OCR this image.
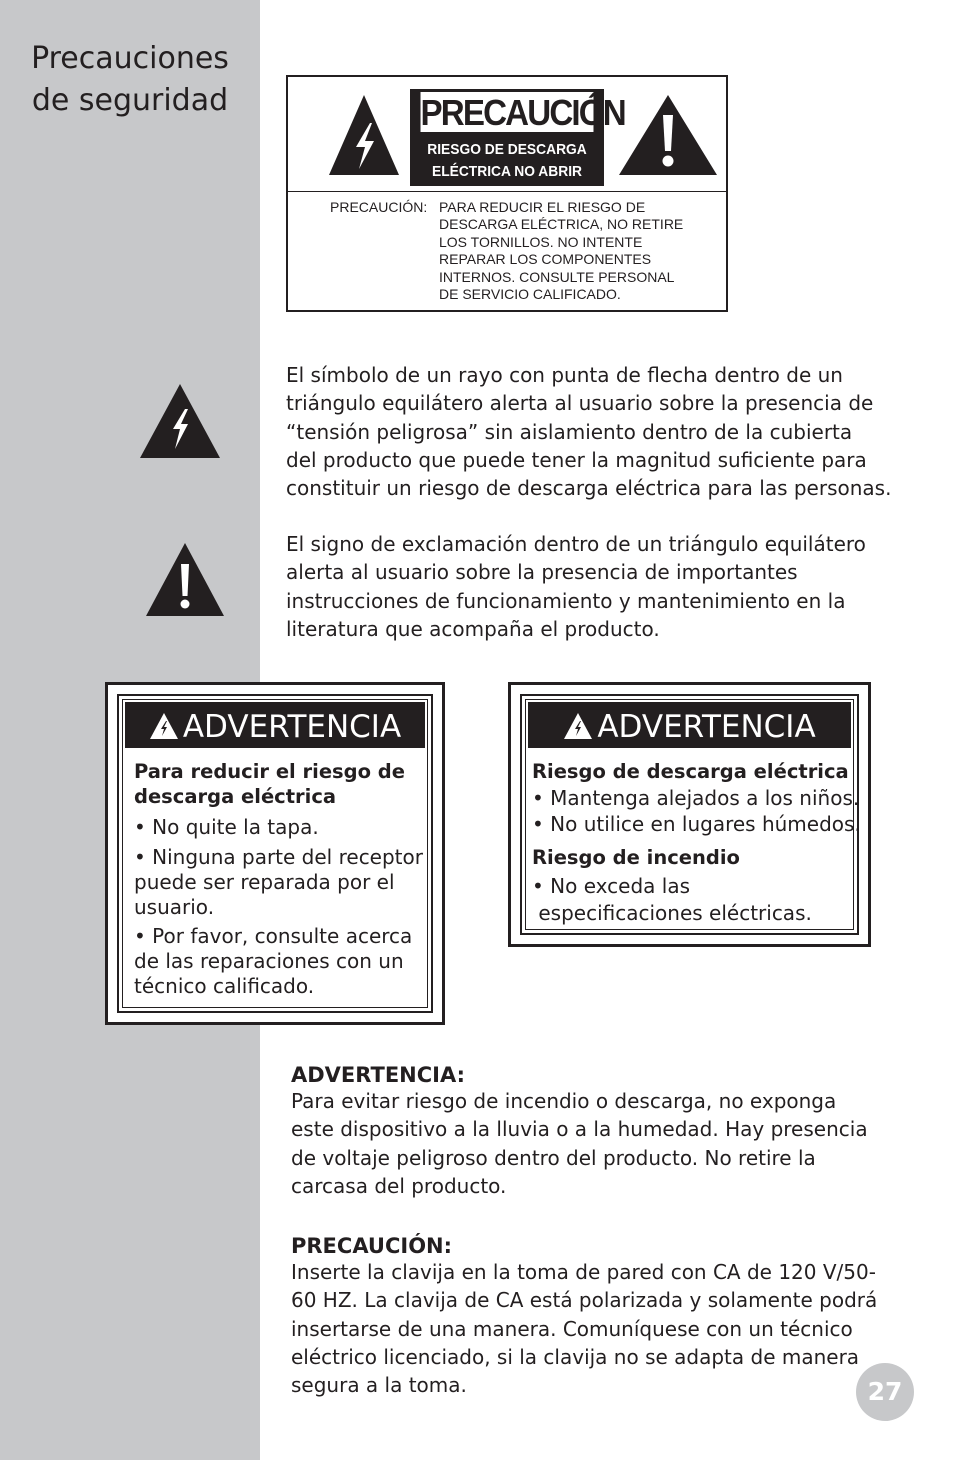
Precauciones
de seguridad	PRECAUCIÓN
RIESGO DE DESCARGA
ELÉCTRICA NO ABRIR
PRECAUCIÓN: PARA REDUCIR EL RIESGO DE
DESCARGA ELÉCTRICA, NO RETIRE
LOS TORNILLOS. NO INTENTE
REPARAR LOS COMPONENTES
INTERNOS. CONSULTE PERSONAL
DE SERVICIO CALIFICADO.

El símbolo de un rayo con punta de flecha dentro de un
triángulo equilátero alerta al usuario sobre la presencia de
“tensión peligrosa” sin aislamiento dentro de la cubierta
del producto que puede tener la magnitud suficiente para
constituir un riesgo de descarga eléctrica para las personas.

El signo de exclamación dentro de un triángulo equilátero
alerta al usuario sobre la presencia de importantes
instrucciones de funcionamiento y mantenimiento en la
literatura que acompaña el producto.

ADVERTENCIA

Para reducir el riesgo de
descarga eléctrica

• No quite la tapa.

• Ninguna parte del receptor
puede ser reparada por el
usuario.

• Por favor, consulte acerca
de las reparaciones con un
técnico calificado.

ADVERTENCIA

Riesgo de descarga eléctrica

• Mantenga alejados a los niños.
• No utilice en lugares húmedos.

Riesgo de incendio

• No exceda las
especificaciones eléctricas.

ADVERTENCIA:

Para evitar riesgo de incendio o descarga, no exponga
este dispositivo a la lluvia o a la humedad. Hay presencia
de voltaje peligroso dentro del producto. No retire la
carcasa del producto.

PRECAUCIÓN:

Inserte la clavija en la toma de pared con CA de 120 V/50-
60 HZ. La clavija de CA está polarizada y solamente podrá
insertarse de una manera. Comuníquese con un técnico
eléctrico licenciado, si la clavija no se adapta de manera
segura a la toma.	27
